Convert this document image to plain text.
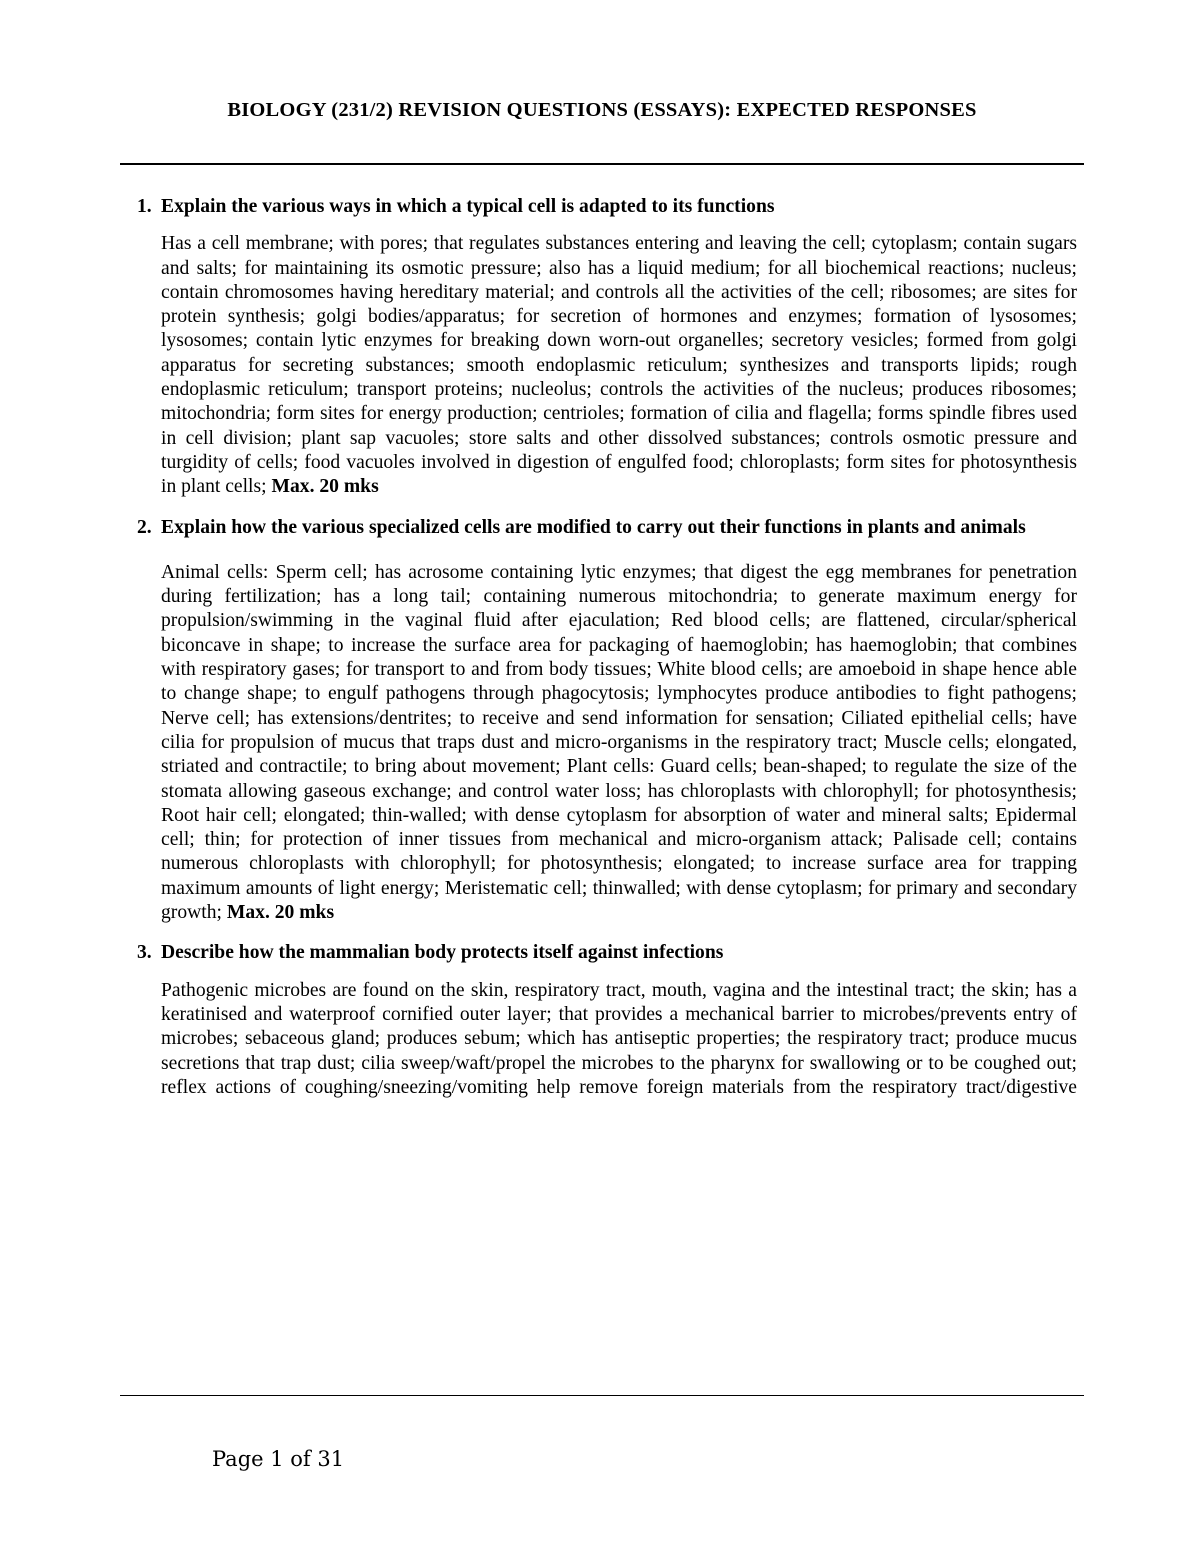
BIOLOGY (231/2) REVISION QUESTIONS (ESSAYS): EXPECTED RESPONSES
1. Explain the various ways in which a typical cell is adapted to its functions

Has a cell membrane; with pores; that regulates substances entering and leaving the cell; cytoplasm; contain sugars and salts; for maintaining its osmotic pressure; also has a liquid medium; for all biochemical reactions; nucleus; contain chromosomes having hereditary material; and controls all the activities of the cell; ribosomes; are sites for protein synthesis; golgi bodies/apparatus; for secretion of hormones and enzymes; formation of lysosomes; lysosomes; contain lytic enzymes for breaking down worn-out organelles; secretory vesicles; formed from golgi apparatus for secreting substances; smooth endoplasmic reticulum; synthesizes and transports lipids; rough endoplasmic reticulum; transport proteins; nucleolus; controls the activities of the nucleus; produces ribosomes; mitochondria; form sites for energy production; centrioles; formation of cilia and flagella; forms spindle fibres used in cell division; plant sap vacuoles; store salts and other dissolved substances; controls osmotic pressure and turgidity of cells; food vacuoles involved in digestion of engulfed food; chloroplasts; form sites for photosynthesis in plant cells; Max. 20 mks

2. Explain how the various specialized cells are modified to carry out their functions in plants and animals

Animal cells: Sperm cell; has acrosome containing lytic enzymes; that digest the egg membranes for penetration during fertilization; has a long tail; containing numerous mitochondria; to generate maximum energy for propulsion/swimming in the vaginal fluid after ejaculation; Red blood cells; are flattened, circular/spherical biconcave in shape; to increase the surface area for packaging of haemoglobin; has haemoglobin; that combines with respiratory gases; for transport to and from body tissues; White blood cells; are amoeboid in shape hence able to change shape; to engulf pathogens through phagocytosis; lymphocytes produce antibodies to fight pathogens; Nerve cell; has extensions/dentrites; to receive and send information for sensation; Ciliated epithelial cells; have cilia for propulsion of mucus that traps dust and micro-organisms in the respiratory tract; Muscle cells; elongated, striated and contractile; to bring about movement; Plant cells: Guard cells; bean-shaped; to regulate the size of the stomata allowing gaseous exchange; and control water loss; has chloroplasts with chlorophyll; for photosynthesis; Root hair cell; elongated; thin-walled; with dense cytoplasm for absorption of water and mineral salts; Epidermal cell; thin; for protection of inner tissues from mechanical and micro-organism attack; Palisade cell; contains numerous chloroplasts with chlorophyll; for photosynthesis; elongated; to increase surface area for trapping maximum amounts of light energy; Meristematic cell; thinwalled; with dense cytoplasm; for primary and secondary growth; Max. 20 mks

3. Describe how the mammalian body protects itself against infections

Pathogenic microbes are found on the skin, respiratory tract, mouth, vagina and the intestinal tract; the skin; has a keratinised and waterproof cornified outer layer; that provides a mechanical barrier to microbes/prevents entry of microbes; sebaceous gland; produces sebum; which has antiseptic properties; the respiratory tract; produce mucus secretions that trap dust; cilia sweep/waft/propel the microbes to the pharynx for swallowing or to be coughed out; reflex actions of coughing/sneezing/vomiting help remove foreign materials from the respiratory tract/digestive

Page 1 of 31
